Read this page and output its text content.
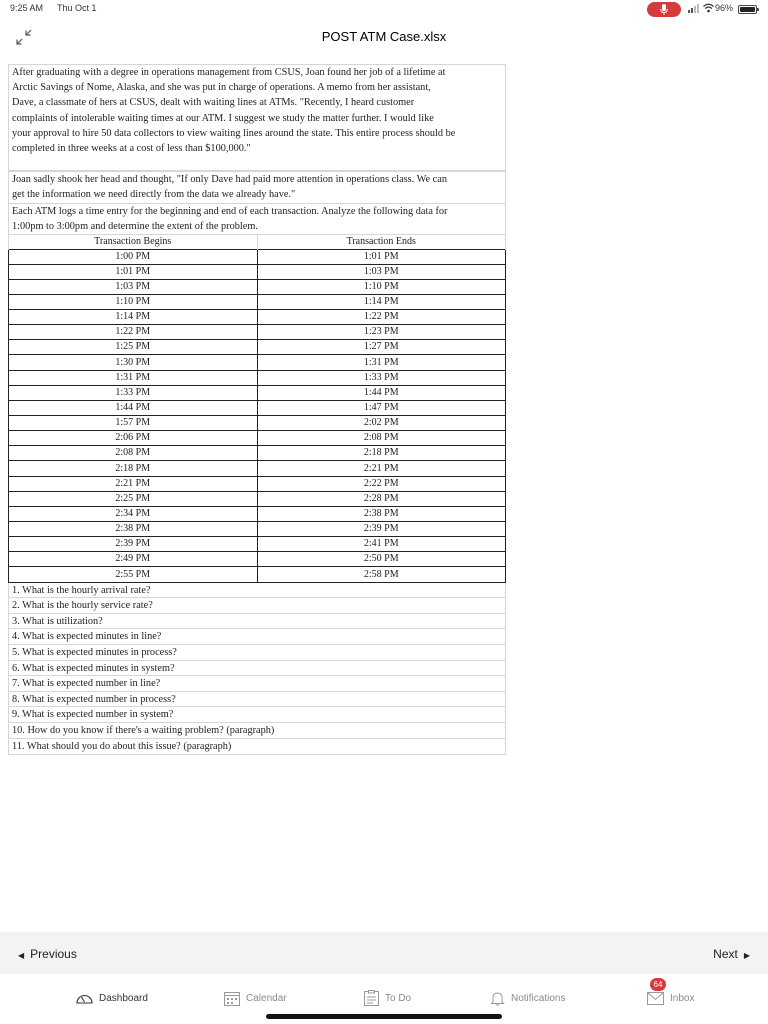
9:25 AM Thu Oct 1	96%
POST ATM Case.xlsx
After graduating with a degree in operations management from CSUS, Joan found her job of a lifetime at
Arctic Savings of Nome, Alaska, and she was put in charge of operations. A memo from her assistant,
Dave, a classmate of hers at CSUS, dealt with waiting lines at ATMs. "Recently, I heard customer
complaints of intolerable waiting times at our ATM. I suggest we study the matter further. I would like
your approval to hire 50 data collectors to view waiting lines around the state. This entire process should be
completed in three weeks at a cost of less than $100,000."
Joan sadly shook her head and thought, "If only Dave had paid more attention in operations class. We can
get the information we need directly from the data we already have."
Each ATM logs a time entry for the beginning and end of each transaction. Analyze the following data for
1:00pm to 3:00pm and determine the extent of the problem.
Transaction Begins	Transaction Ends
1:00 PM	1:01 PM
1:01 PM	1:03 PM
1:03 PM	1:10 PM
1:10 PM	1:14 PM
1:14 PM	1:22 PM
1:22 PM	1:23 PM
1:25 PM	1:27 PM
1:30 PM	1:31 PM
1:31 PM	1:33 PM
1:33 PM	1:44 PM
1:44 PM	1:47 PM
1:57 PM	2:02 PM
2:06 PM	2:08 PM
2:08 PM	2:18 PM
2:18 PM	2:21 PM
2:21 PM	2:22 PM
2:25 PM	2:28 PM
2:34 PM	2:38 PM
2:38 PM	2:39 PM
2:39 PM	2:41 PM
2:49 PM	2:50 PM
2:55 PM	2:58 PM
1. What is the hourly arrival rate?
2. What is the hourly service rate?
3. What is utilization?
4. What is expected minutes in line?
5. What is expected minutes in process?
6. What is expected minutes in system?
7. What is expected number in line?
8. What is expected number in process?
9. What is expected number in system?
10. How do you know if there's a waiting problem? (paragraph)
11. What should you do about this issue? (paragraph)
◀ Previous	Next ▶
Dashboard	Calendar	To Do	Notifications	Inbox
64
